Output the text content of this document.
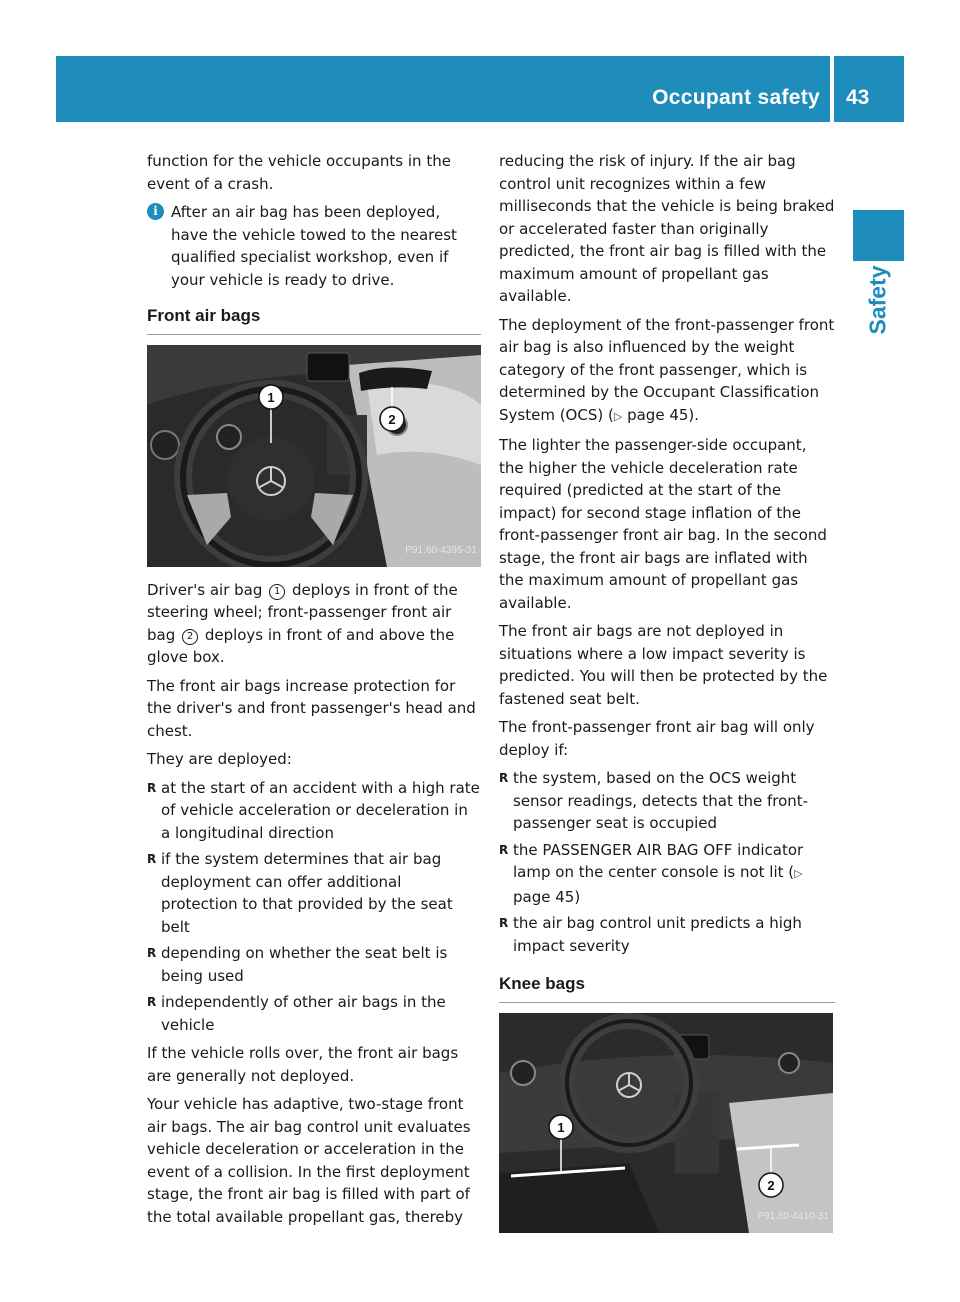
Occupant safety 43
Safety

function for the vehicle occupants in the event of a crash.

i After an air bag has been deployed, have the vehicle towed to the nearest qualified specialist workshop, even if your vehicle is ready to drive.
Front air bags
1
2
P91.60-4395-31

Driver's air bag 1 deploys in front of the steering wheel; front-passenger front air bag 2 deploys in front of and above the glove box.

The front air bags increase protection for the driver's and front passenger's head and chest.

They are deployed:

R at the start of an accident with a high rate of vehicle acceleration or deceleration in a longitudinal direction
R if the system determines that air bag deployment can offer additional protection to that provided by the seat belt
R depending on whether the seat belt is being used
R independently of other air bags in the vehicle

If the vehicle rolls over, the front air bags are generally not deployed.

Your vehicle has adaptive, two-stage front air bags. The air bag control unit evaluates vehicle deceleration or acceleration in the event of a collision. In the first deployment stage, the front air bag is filled with part of the total available propellant gas, thereby

reducing the risk of injury. If the air bag control unit recognizes within a few milliseconds that the vehicle is being braked or accelerated faster than originally predicted, the front air bag is filled with the maximum amount of propellant gas available.

The deployment of the front-passenger front air bag is also influenced by the weight category of the front passenger, which is determined by the Occupant Classification System (OCS) (▷ page 45).

The lighter the passenger-side occupant, the higher the vehicle deceleration rate required (predicted at the start of the impact) for second stage inflation of the front-passenger front air bag. In the second stage, the front air bags are inflated with the maximum amount of propellant gas available.

The front air bags are not deployed in situations where a low impact severity is predicted. You will then be protected by the fastened seat belt.

The front-passenger front air bag will only deploy if:

R the system, based on the OCS weight sensor readings, detects that the front-passenger seat is occupied
R the PASSENGER AIR BAG OFF indicator lamp on the center console is not lit (▷ page 45)
R the air bag control unit predicts a high impact severity
Knee bags
1
2
P91.60-4410-31
